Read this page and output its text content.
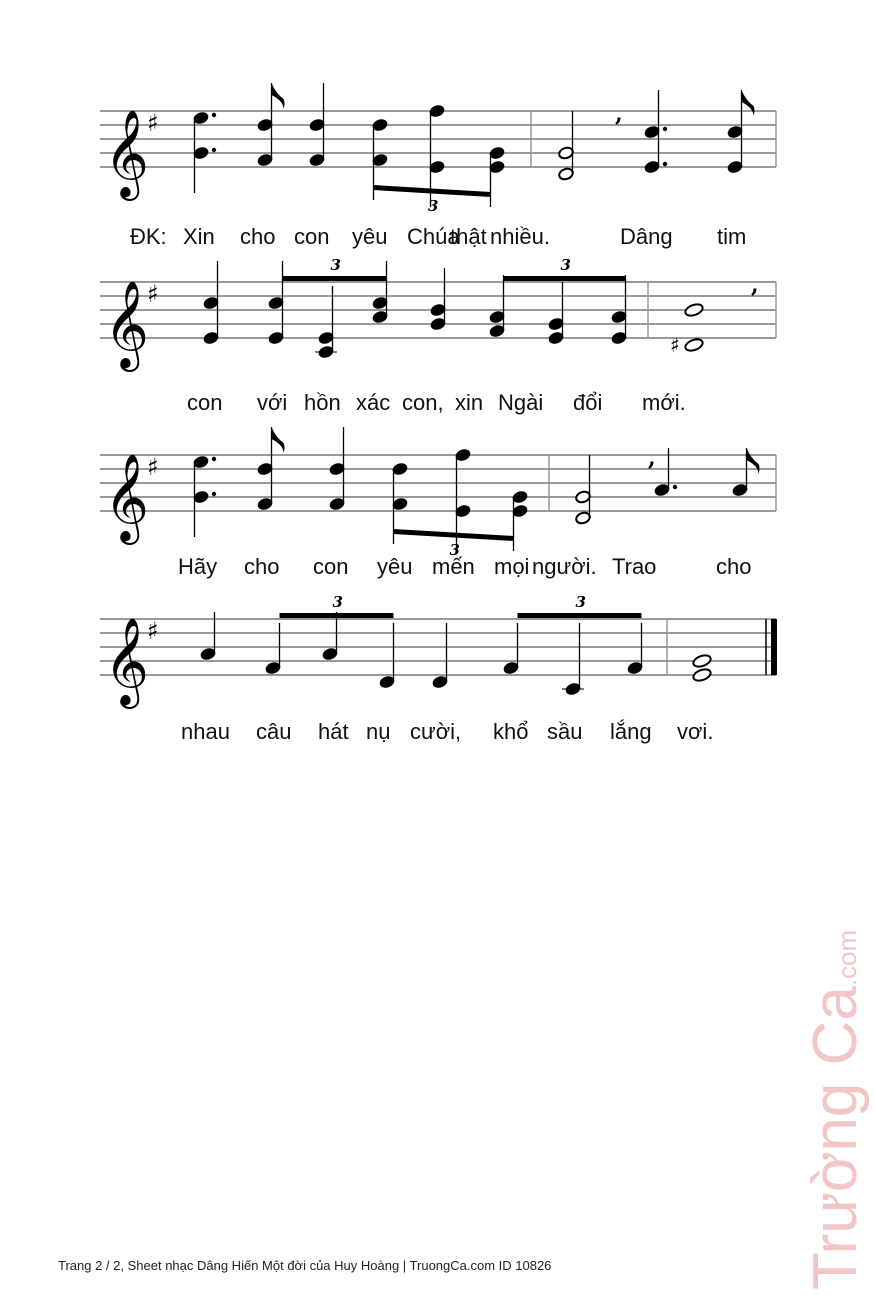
𝄞
♯	,
3
𝄞
♯	,
♯
3	3
𝄞
♯	,
3
𝄞
♯
3	3
ĐK: Xin cho con yêu Chúa
thật nhiều.	Dâng tim
con với hồn xác con, xin Ngài đổi mới.
Hãy cho con yêu mến mọi người. Trao	cho
nhau câu hát nụ cười, khổ sầu lắng vơi.
Trang 2 / 2, Sheet nhạc Dâng Hiến Một đời của Huy Hoàng | TruongCa.com ID 10826	Trường Ca.com
